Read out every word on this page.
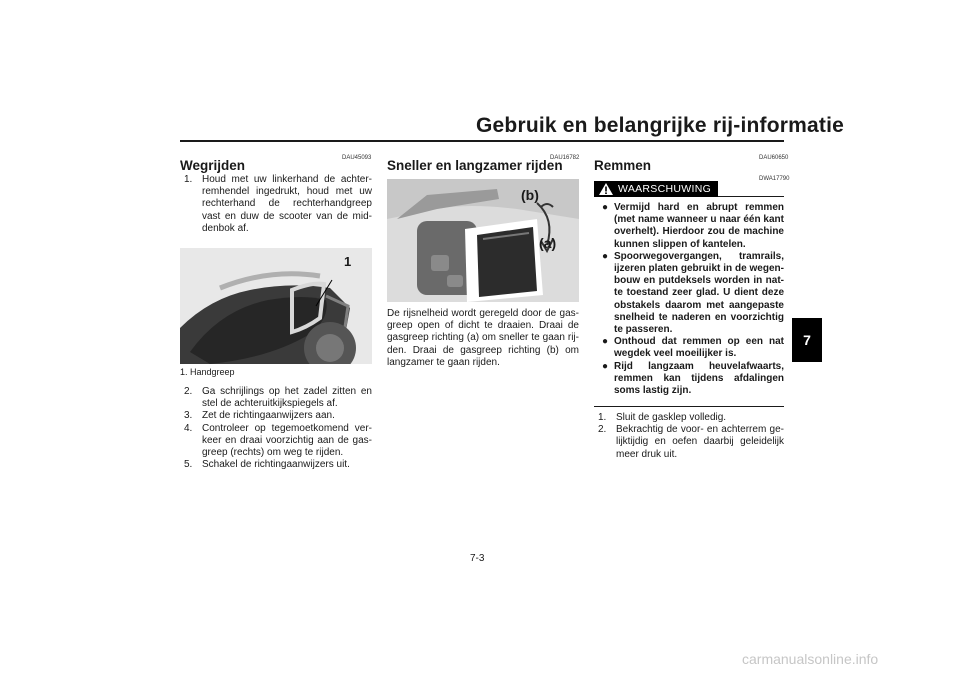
Gebruik en belangrijke rij-informatie
7
DAU45093
Wegrijden
1. Houd met uw linkerhand de achterremhendel ingedrukt, houd met uw rechterhand de rechterhandgreep vast en duw de scooter van de middenbok af.
1
1. Handgreep
2. Ga schrijlings op het zadel zitten en stel de achteruitkijkspiegels af.
3. Zet de richtingaanwijzers aan.
4. Controleer op tegemoetkomend verkeer en draai voorzichtig aan de gasgreep (rechts) om weg te rijden.
5. Schakel de richtingaanwijzers uit.
DAU16782
Sneller en langzamer rijden
(b)
(a)
De rijsnelheid wordt geregeld door de gasgreep open of dicht te draaien. Draai de gasgreep richting (a) om sneller te gaan rijden. Draai de gasgreep richting (b) om langzamer te gaan rijden.
DAU60650
Remmen
WAARSCHUWING
DWA17790
● Vermijd hard en abrupt remmen (met name wanneer u naar één kant overhelt). Hierdoor zou de machine kunnen slippen of kantelen.
● Spoorwegovergangen, tramrails, ijzeren platen gebruikt in de wegenbouw en putdeksels worden in natte toestand zeer glad. U dient deze obstakels daarom met aangepaste snelheid te naderen en voorzichtig te passeren.
● Onthoud dat remmen op een nat wegdek veel moeilijker is.
● Rijd langzaam heuvelafwaarts, remmen kan tijdens afdalingen soms lastig zijn.
1. Sluit de gasklep volledig.
2. Bekrachtig de voor- en achterrem gelijktijdig en oefen daarbij geleidelijk meer druk uit.
7-3
carmanualsonline.info
